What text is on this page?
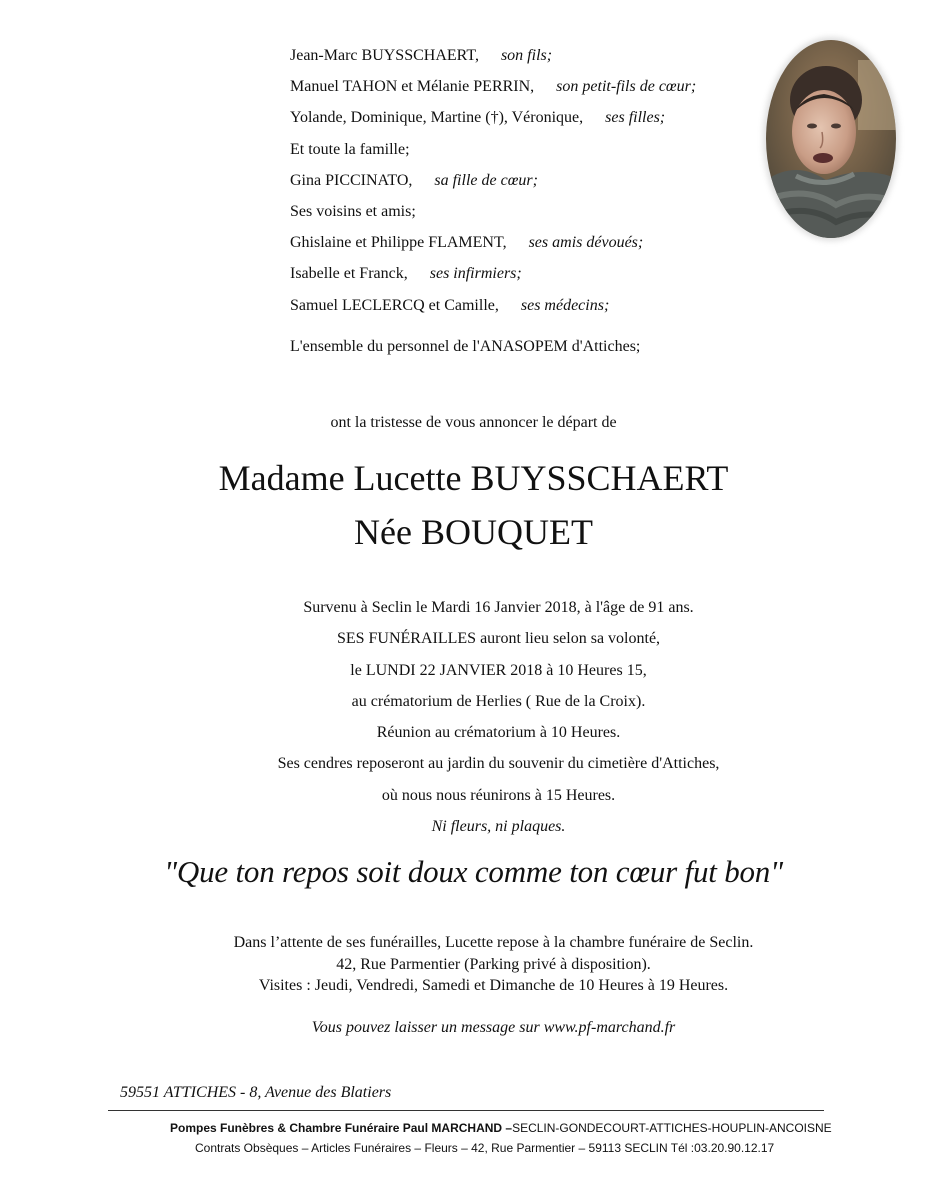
Jean-Marc BUYSSCHAERT, son fils;
Manuel TAHON et Mélanie PERRIN, son petit-fils de cœur;
Yolande, Dominique, Martine (†), Véronique, ses filles;
Et toute la famille;
Gina PICCINATO, sa fille de cœur;
Ses voisins et amis;
Ghislaine et Philippe FLAMENT, ses amis dévoués;
Isabelle et Franck, ses infirmiers;
Samuel LECLERCQ et Camille, ses médecins;
L'ensemble du personnel de l'ANASOPEM d'Attiches;
ont la tristesse de vous annoncer le départ de
Madame Lucette BUYSSCHAERT
Née BOUQUET
Survenu à Seclin le Mardi 16 Janvier 2018, à l'âge de 91 ans.
SES FUNÉRAILLES auront lieu selon sa volonté,
le LUNDI 22 JANVIER 2018 à 10 Heures 15,
au crématorium de Herlies ( Rue de la Croix).
Réunion au crématorium à 10 Heures.
Ses cendres reposeront au jardin du souvenir du cimetière d'Attiches,
où nous nous réunirons à 15 Heures.
Ni fleurs, ni plaques.
"Que ton repos soit doux comme ton cœur fut bon"
Dans l’attente de ses funérailles, Lucette repose à la chambre funéraire de Seclin.
42, Rue Parmentier (Parking privé à disposition).
Visites : Jeudi, Vendredi, Samedi et Dimanche de 10 Heures à 19 Heures.
Vous pouvez laisser un message sur www.pf-marchand.fr
59551 ATTICHES - 8, Avenue des Blatiers
Pompes Funèbres & Chambre Funéraire Paul MARCHAND –SECLIN-GONDECOURT-ATTICHES-HOUPLIN-ANCOISNE
Contrats Obsèques – Articles Funéraires – Fleurs – 42, Rue Parmentier – 59113 SECLIN Tél :03.20.90.12.17
